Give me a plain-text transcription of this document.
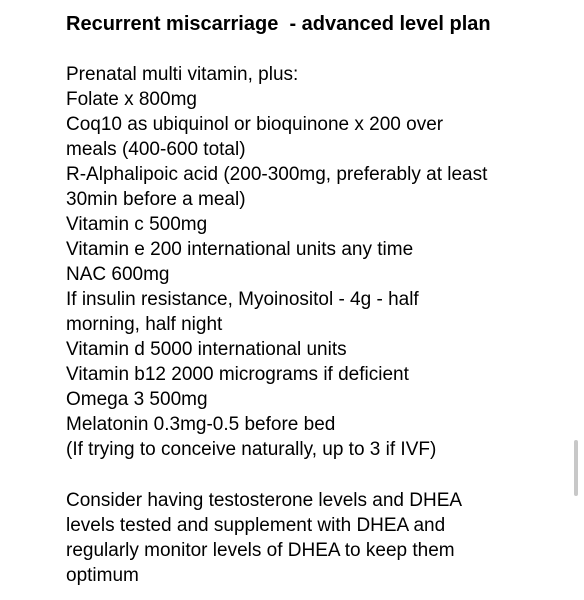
Recurrent miscarriage  - advanced level plan
Prenatal multi vitamin, plus:
Folate x 800mg
Coq10 as ubiquinol or bioquinone x 200 over
meals (400-600 total)
R-Alphalipoic acid (200-300mg, preferably at least
30min before a meal)
Vitamin c 500mg
Vitamin e 200 international units any time
NAC 600mg
If insulin resistance, Myoinositol - 4g - half
morning, half night
Vitamin d 5000 international units
Vitamin b12 2000 micrograms if deficient
Omega 3 500mg
Melatonin 0.3mg-0.5 before bed
(If trying to conceive naturally, up to 3 if IVF)
Consider having testosterone levels and DHEA
levels tested and supplement with DHEA and
regularly monitor levels of DHEA to keep them
optimum
